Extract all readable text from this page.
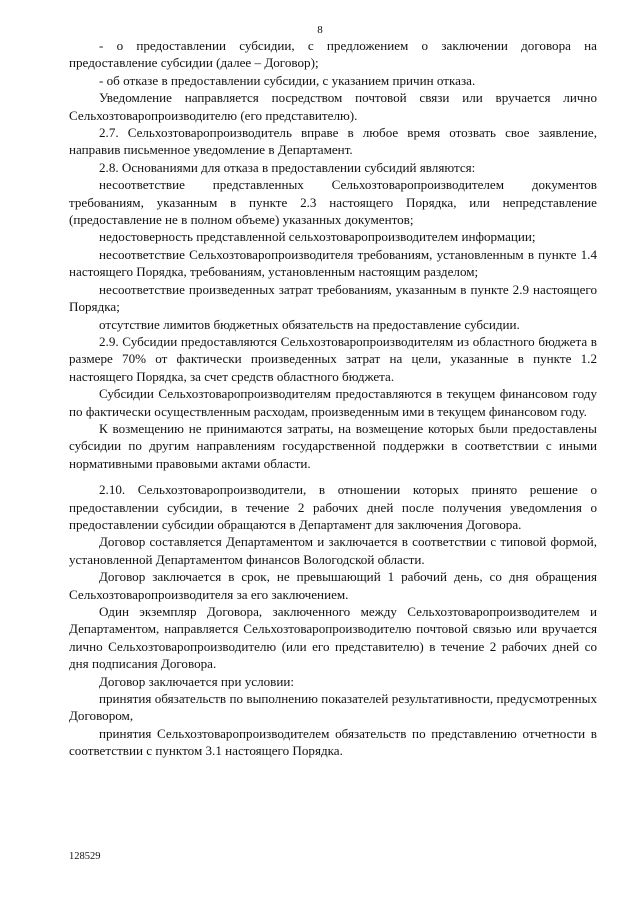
8

- о предоставлении субсидии, с предложением о заключении договора на предоставление субсидии (далее – Договор);

- об отказе в предоставлении субсидии, с указанием причин отказа.

Уведомление направляется посредством почтовой связи или вручается лично Сельхозтоваропроизводителю (его представителю).

2.7. Сельхозтоваропроизводитель вправе в любое время отозвать свое заявление, направив письменное уведомление в Департамент.

2.8. Основаниями для отказа в предоставлении субсидий являются:

несоответствие представленных Сельхозтоваропроизводителем документов требованиям, указанным в пункте 2.3 настоящего Порядка, или непредставление (предоставление не в полном объеме) указанных документов;

недостоверность представленной сельхозтоваропроизводителем информации;

несоответствие Сельхозтоваропроизводителя требованиям, установленным в пункте 1.4 настоящего Порядка, требованиям, установленным настоящим разделом;

несоответствие произведенных затрат требованиям, указанным в пункте 2.9 настоящего Порядка;

отсутствие лимитов бюджетных обязательств на предоставление субсидии.

2.9. Субсидии предоставляются Сельхозтоваропроизводителям из областного бюджета в размере 70% от фактически произведенных затрат на цели, указанные в пункте 1.2 настоящего Порядка, за счет средств областного бюджета.

Субсидии Сельхозтоваропроизводителям предоставляются в текущем финансовом году по фактически осуществленным расходам, произведенным ими в текущем финансовом году.

К возмещению не принимаются затраты, на возмещение которых были предоставлены субсидии по другим направлениям государственной поддержки в соответствии с иными нормативными правовыми актами области.

2.10. Сельхозтоваропроизводители, в отношении которых принято решение о предоставлении субсидии, в течение 2 рабочих дней после получения уведомления о предоставлении субсидии обращаются в Департамент для заключения Договора.

Договор составляется Департаментом и заключается в соответствии с типовой формой, установленной Департаментом финансов Вологодской области.

Договор заключается в срок, не превышающий 1 рабочий день, со дня обращения Сельхозтоваропроизводителя за его заключением.

Один экземпляр Договора, заключенного между Сельхозтоваропроизводителем и Департаментом, направляется Сельхозтоваропроизводителю почтовой связью или вручается лично Сельхозтоваропроизводителю (или его представителю) в течение 2 рабочих дней со дня подписания Договора.

Договор заключается при условии:

принятия обязательств по выполнению показателей результативности, предусмотренных Договором,

принятия Сельхозтоваропроизводителем обязательств по представлению отчетности в соответствии с пунктом 3.1 настоящего Порядка.

128529
